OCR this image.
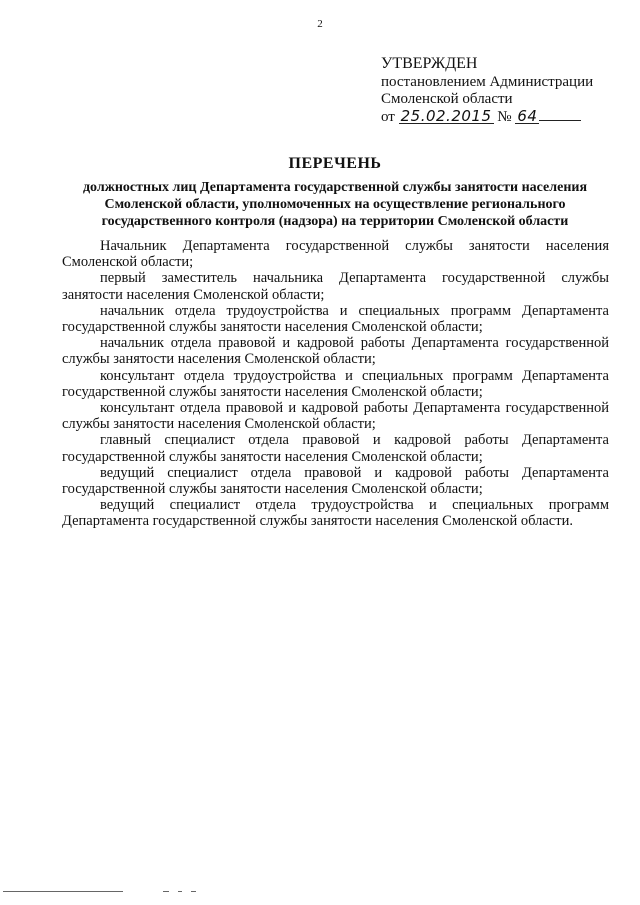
2
УТВЕРЖДЕН
постановлением Администрации
Смоленской области
от 25.02.2015 № 64
ПЕРЕЧЕНЬ
должностных лиц Департамента государственной службы занятости населения Смоленской области, уполномоченных на осуществление регионального государственного контроля (надзора) на территории Смоленской области

Начальник Департамента государственной службы занятости населения Смоленской области;

первый заместитель начальника Департамента государственной службы занятости населения Смоленской области;

начальник отдела трудоустройства и специальных программ Департамента государственной службы занятости населения Смоленской области;

начальник отдела правовой и кадровой работы Департамента государственной службы занятости населения Смоленской области;

консультант отдела трудоустройства и специальных программ Департамента государственной службы занятости населения Смоленской области;

консультант отдела правовой и кадровой работы Департамента государственной службы занятости населения Смоленской области;

главный специалист отдела правовой и кадровой работы Департамента государственной службы занятости населения Смоленской области;

ведущий специалист отдела правовой и кадровой работы Департамента государственной службы занятости населения Смоленской области;

ведущий специалист отдела трудоустройства и специальных программ Департамента государственной службы занятости населения Смоленской области.
